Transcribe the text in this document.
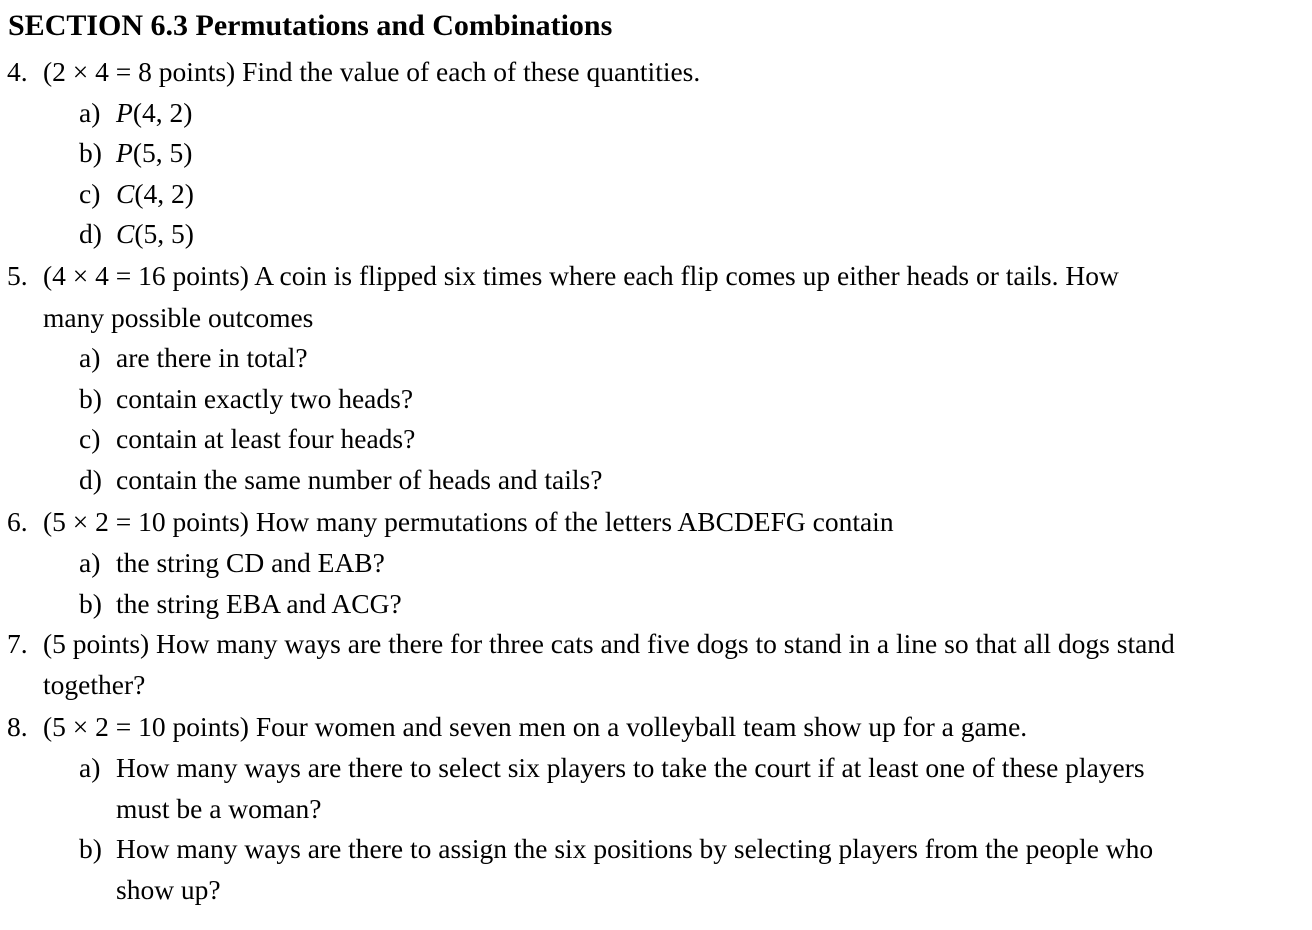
SECTION 6.3 Permutations and Combinations
4. (2 × 4 = 8 points) Find the value of each of these quantities.
a) P(4, 2)
b) P(5, 5)
c) C(4, 2)
d) C(5, 5)
5. (4 × 4 = 16 points) A coin is flipped six times where each flip comes up either heads or tails. How
many possible outcomes
a) are there in total?
b) contain exactly two heads?
c) contain at least four heads?
d) contain the same number of heads and tails?
6. (5 × 2 = 10 points) How many permutations of the letters ABCDEFG contain
a) the string CD and EAB?
b) the string EBA and ACG?
7. (5 points) How many ways are there for three cats and five dogs to stand in a line so that all dogs stand
together?
8. (5 × 2 = 10 points) Four women and seven men on a volleyball team show up for a game.
a) How many ways are there to select six players to take the court if at least one of these players
must be a woman?
b) How many ways are there to assign the six positions by selecting players from the people who
show up?
